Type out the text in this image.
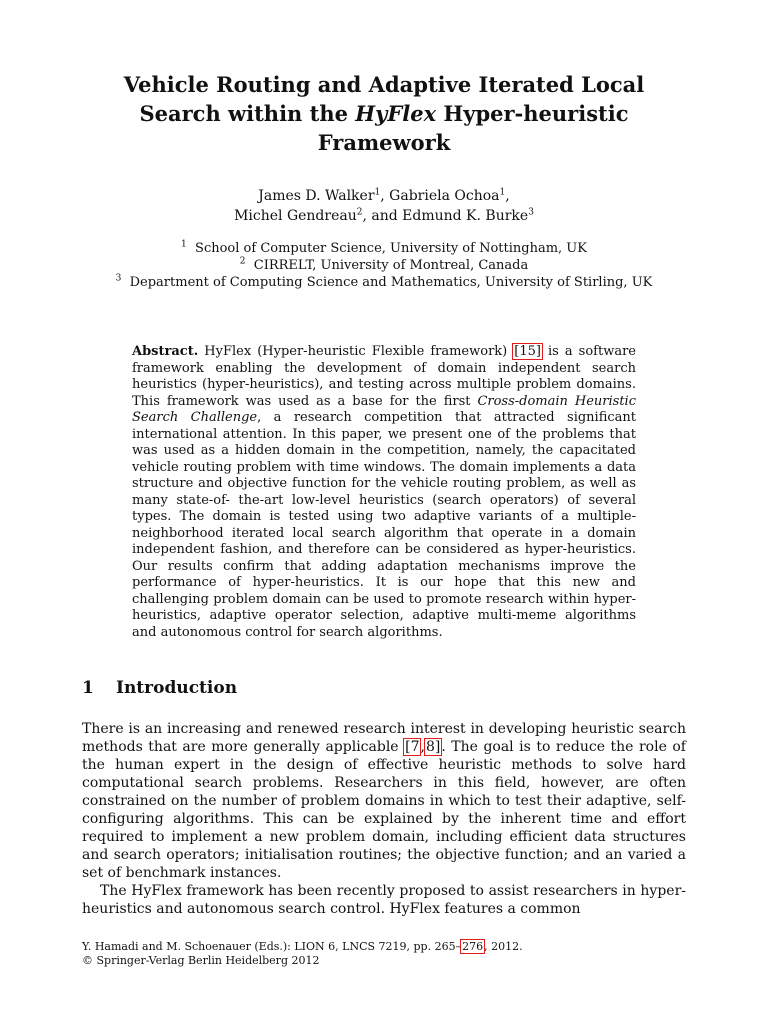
Vehicle Routing and Adaptive Iterated Local
Search within the HyFlex Hyper-heuristic
Framework
James D. Walker$^1$, Gabriela Ochoa$^1$,
Michel Gendreau$^2$, and Edmund K. Burke$^3$
$^1$ School of Computer Science, University of Nottingham, UK
$^2$ CIRRELT, University of Montreal, Canada
$^3$ Department of Computing Science and Mathematics, University of Stirling, UK
Abstract. HyFlex (Hyper-heuristic Flexible framework) [15] is a software framework enabling the development of domain independent search heuristics (hyper-heuristics), and testing across multiple problem domains. This framework was used as a base for the first Cross-domain Heuristic Search Challenge, a research competition that attracted significant international attention. In this paper, we present one of the problems that was used as a hidden domain in the competition, namely, the capacitated vehicle routing problem with time windows. The domain implements a data structure and objective function for the vehicle routing problem, as well as many state-of- the-art low-level heuristics (search operators) of several types. The domain is tested using two adaptive variants of a multiple-neighborhood iterated local search algorithm that operate in a domain independent fashion, and therefore can be considered as hyper-heuristics. Our results confirm that adding adaptation mechanisms improve the performance of hyper-heuristics. It is our hope that this new and challenging problem domain can be used to promote research within hyper-heuristics, adaptive operator selection, adaptive multi-meme algorithms and autonomous control for search algorithms.
1 Introduction

There is an increasing and renewed research interest in developing heuristic search methods that are more generally applicable [7,8]. The goal is to reduce the role of the human expert in the design of effective heuristic methods to solve hard computational search problems. Researchers in this field, however, are often constrained on the number of problem domains in which to test their adaptive, self-configuring algorithms. This can be explained by the inherent time and effort required to implement a new problem domain, including efficient data structures and search operators; initialisation routines; the objective function; and an varied a set of benchmark instances.

The HyFlex framework has been recently proposed to assist researchers in hyper-heuristics and autonomous search control. HyFlex features a common

Y. Hamadi and M. Schoenauer (Eds.): LION 6, LNCS 7219, pp. 265–276, 2012.
© Springer-Verlag Berlin Heidelberg 2012
